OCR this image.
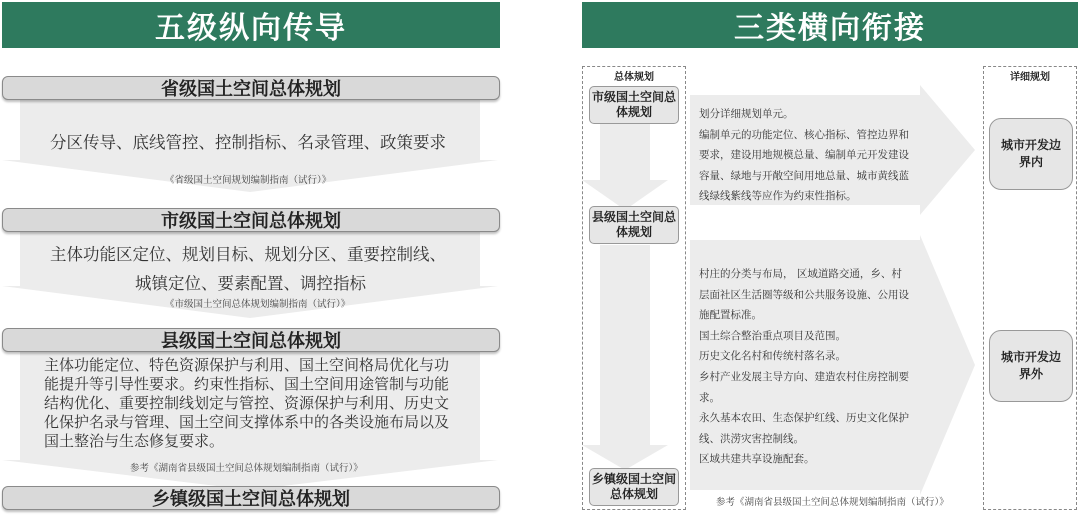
五级纵向传导
省级国土空间总体规划
分区传导、底线管控、控制指标、名录管理、政策要求
《省级国土空间规划编制指南（试行）》
市级国土空间总体规划
主体功能区定位、规划目标、规划分区、重要控制线、
城镇定位、要素配置、调控指标
《市级国土空间总体规划编制指南（试行）》
县级国土空间总体规划
主体功能定位、特色资源保护与利用、国土空间格局优化与功
能提升等引导性要求。约束性指标、国土空间用途管制与功能
结构优化、重要控制线划定与管控、资源保护与利用、历史文
化保护名录与管理、国土空间支撑体系中的各类设施布局以及
国土整治与生态修复要求。
参考《湖南省县级国土空间总体规划编制指南（试行）》
乡镇级国土空间总体规划
三类横向衔接
总体规划
市级国土空间总体规划
县级国土空间总体规划
乡镇级国土空间总体规划
详细规划
城市开发边界内
城市开发边界外
划分详细规划单元。
编制单元的功能定位、核心指标、管控边界和
要求，建设用地规模总量、编制单元开发建设
容量、绿地与开敞空间用地总量、城市黄线蓝
线绿线紫线等应作为约束性指标。
村庄的分类与布局， 区域道路交通，乡、村
层面社区生活圈等级和公共服务设施、公用设
施配置标准。
国土综合整治重点项目及范围。
历史文化名村和传统村落名录。
乡村产业发展主导方向、建造农村住房控制要
求。
永久基本农田、生态保护红线、历史文化保护
线、洪涝灾害控制线。
区域共建共享设施配套。
参考《湖南省县级国土空间总体规划编制指南（试行）》
